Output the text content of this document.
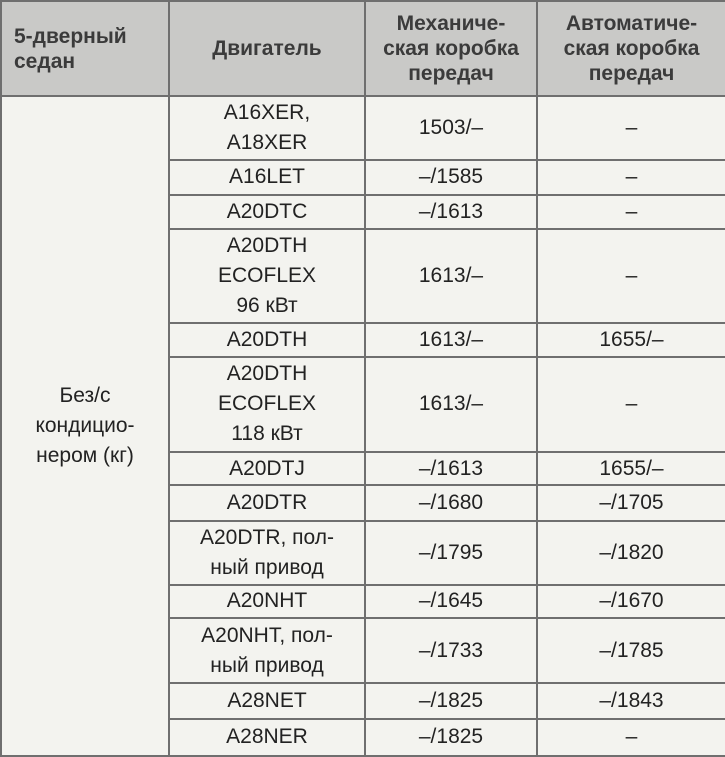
5-дверный
седан	Двигатель	Механиче-
ская коробка
передач	Автоматиче-
ская коробка
передач
Без/с
кондицио-
нером (кг)	A16XER,
A18XER	1503/–	–
	A16LET	–/1585	–
	A20DTC	–/1613	–
	A20DTH
ECOFLEX
96 кВт	1613/–	–
	A20DTH	1613/–	1655/–
	A20DTH
ECOFLEX
118 кВт	1613/–	–
	A20DTJ	–/1613	1655/–
	A20DTR	–/1680	–/1705
	A20DTR, пол-
ный привод	–/1795	–/1820
	A20NHT	–/1645	–/1670
	A20NHT, пол-
ный привод	–/1733	–/1785
	A28NET	–/1825	–/1843
	A28NER	–/1825	–
